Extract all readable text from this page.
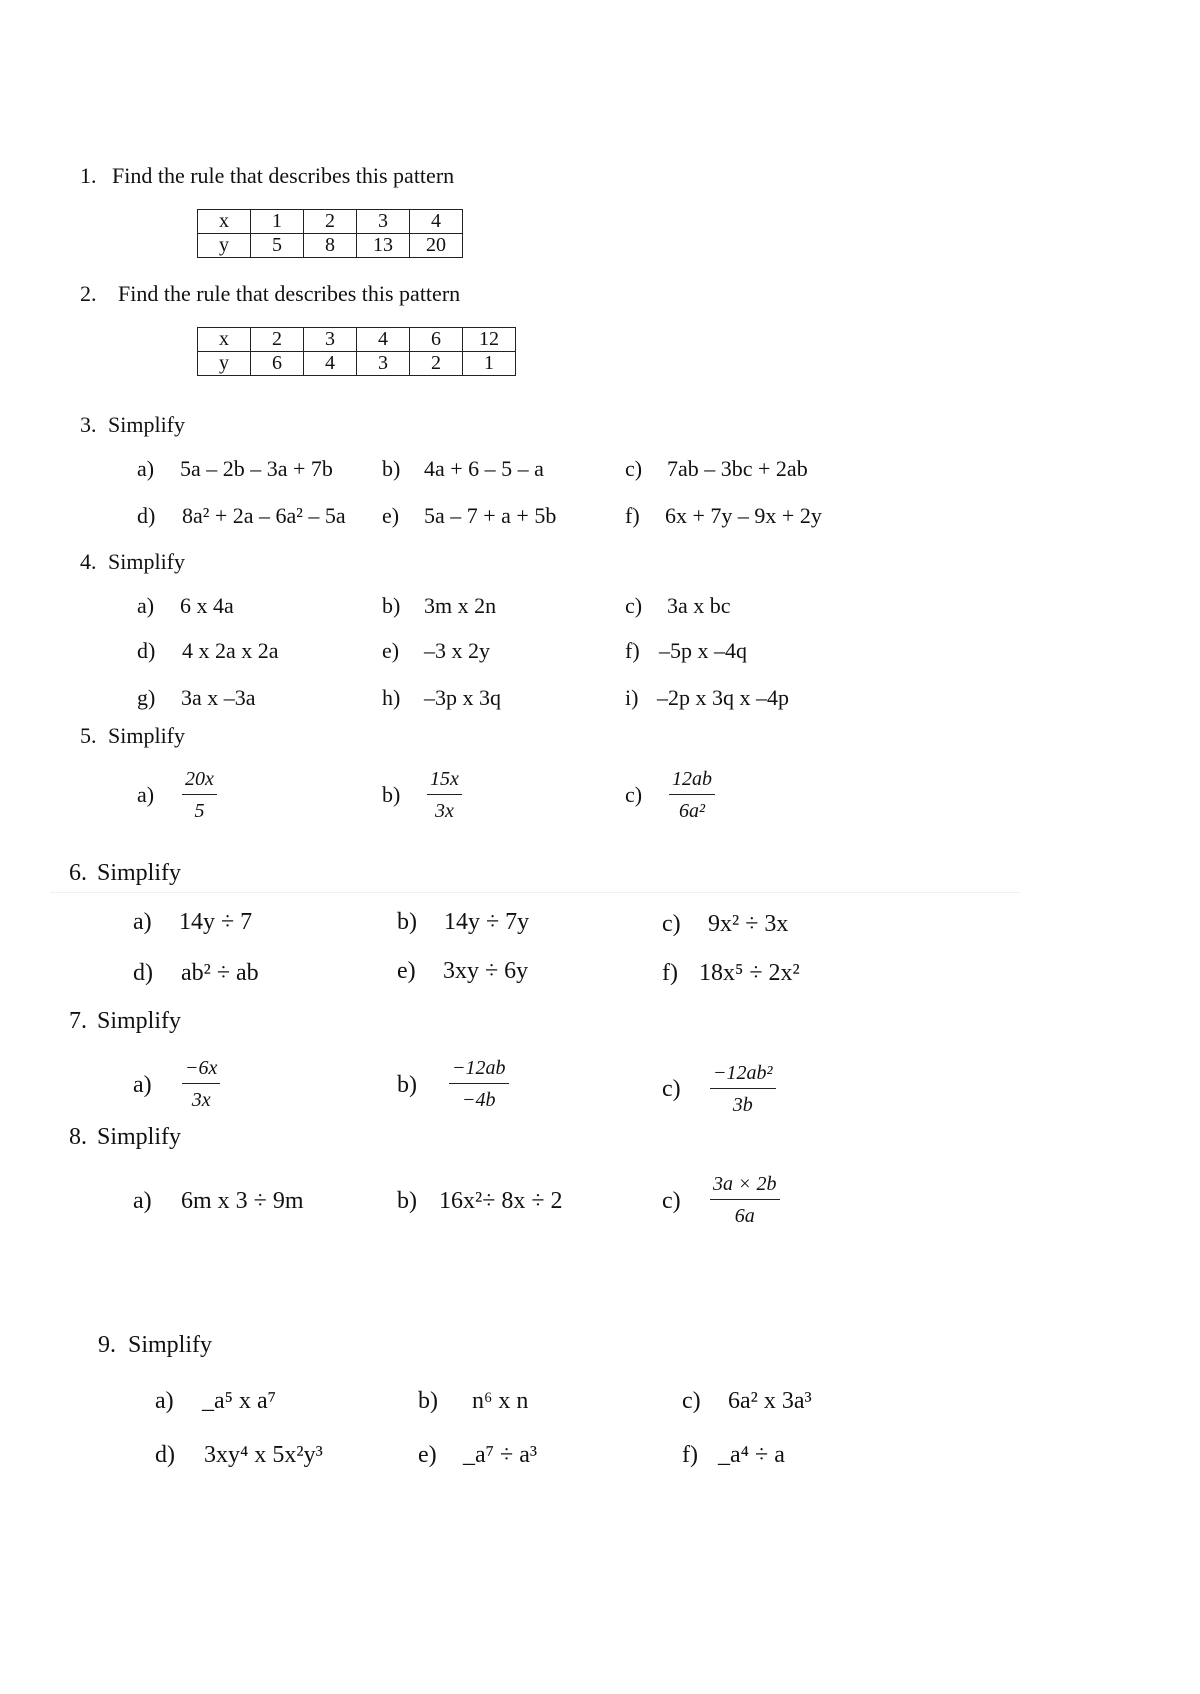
1. Find the rule that describes this pattern
x	1	2	3	4
y	5	8	13	20
2. Find the rule that describes this pattern
x	2	3	4	6	12
y	6	4	3	2	1
3. Simplify
a) 5a – 2b – 3a + 7b b) 4a + 6 – 5 – a	c) 7ab – 3bc + 2ab
d) 8a² + 2a – 6a² – 5a e) 5a – 7 + a + 5b	f) 6x + 7y – 9x + 2y
4. Simplify
a) 6 x 4a	b) 3m x 2n	c) 3a x bc
d) 4 x 2a x 2a	e) –3 x 2y	f) –5p x –4q
g) 3a x –3a	h) –3p x 3q	i) –2p x 3q x –4p
5. Simplify
$a) \frac{20x}{5}$	$b) \frac{15x}{3x}$	$c) \frac{12ab}{\text{6a²}}$
6. Simplify
a) 14y ÷ 7	b) 14y ÷ 7y	c) 9x² ÷ 3x
d) ab² ÷ ab	e) 3xy ÷ 6y	f) 18x⁵ ÷ 2x²
7. Simplify
$a) \frac{-6x}{3x}$	$b) \frac{-12ab}{-4b}$	$c) \frac{\text{−12ab²}}{3b}$
8. Simplify
a) 6m x 3 ÷ 9m	b) 16x²÷ 8x ÷ 2	$c) \frac{3a \times 2b}{6a}$
9. Simplify
a) _a⁵ x a⁷	b) n⁶ x n	c) 6a² x 3a³
d) 3xy⁴ x 5x²y³	e) _a⁷ ÷ a³	f) _a⁴ ÷ a
